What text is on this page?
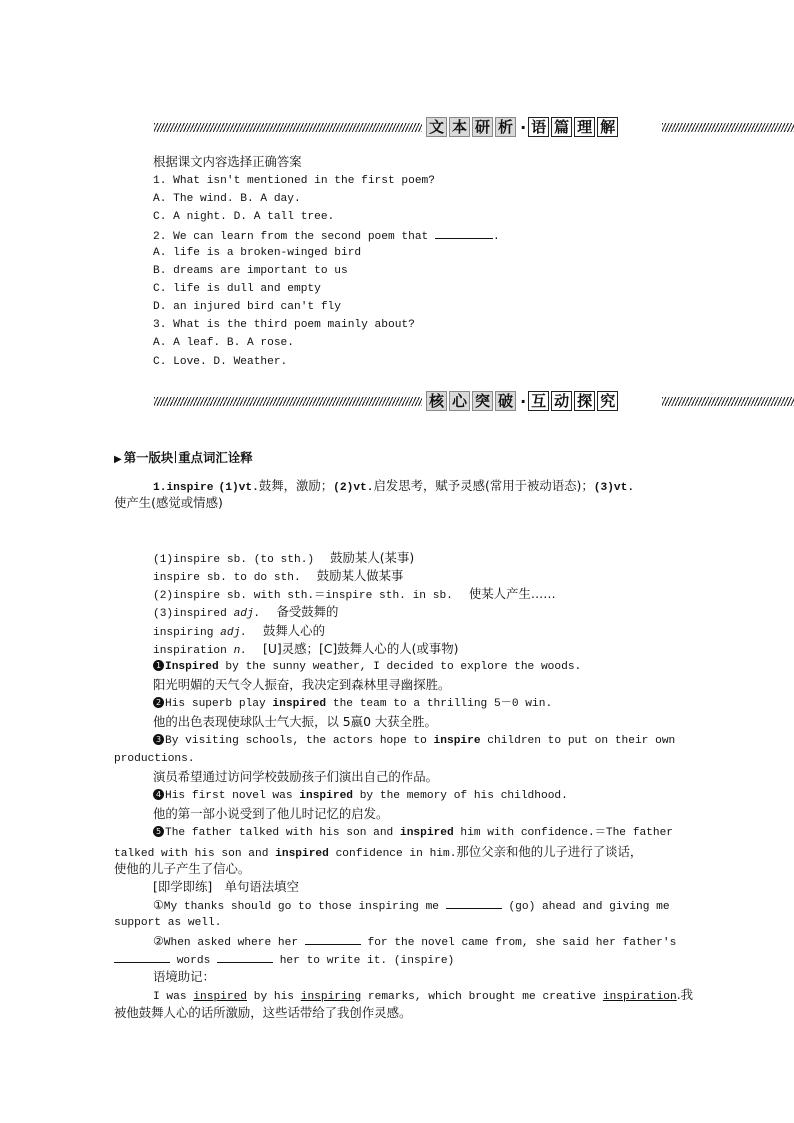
文 本 研 析 · 语 篇 理 解
根据课文内容选择正确答案
1. What isn't mentioned in the first poem?
A. The wind. B. A day.
C. A night. D. A tall tree.
2. We can learn from the second poem that	.
A. life is a broken-winged bird
B. dreams are important to us
C. life is dull and empty
D. an injured bird can't fly
3. What is the third poem mainly about?
A. A leaf. B. A rose.
C. Love. D. Weather.
核 心 突 破 · 互 动 探 究
▶ 第一版块 重点词汇诠释
1.inspire (1)vt.鼓舞，激励；(2)vt.启发思考，赋予灵感(常用于被动语态)；(3)vt.
使产生(感觉或情感)
(1)inspire sb. (to sth.)　 鼓励某人(某事)
inspire sb. to do sth.　 鼓励某人做某事
(2)inspire sb. with sth.＝inspire sth. in sb.　 使某人产生……
(3)inspired adj.　 备受鼓舞的
inspiring adj.　 鼓舞人心的
inspiration n.　 [U]灵感；[C]鼓舞人心的人(或事物)
1 Inspired by the sunny weather, I decided to explore the woods.
阳光明媚的天气令人振奋，我决定到森林里寻幽探胜。
2 His superb play inspired the team to a thrilling 5－0 win.
他的出色表现使球队士气大振，以 5嬴0 大获全胜。
3 By visiting schools, the actors hope to inspire children to put on their own
productions.
演员希望通过访问学校鼓励孩子们演出自己的作品。
4 His first novel was inspired by the memory of his childhood.
他的第一部小说受到了他儿时记忆的启发。
5 The father talked with his son and inspired him with confidence.＝The father
talked with his son and inspired confidence in him.那位父亲和他的儿子进行了谈话，
使他的儿子产生了信心。
[即学即练]　单句语法填空
①My thanks should go to those inspiring me	(go) ahead and giving me
support as well.
②When asked where her	for the novel came from, she said her father's
words	her to write it. (inspire)
语境助记：
I was inspired by his inspiring remarks, which brought me creative inspiration.我
被他鼓舞人心的话所激励，这些话带给了我创作灵感。
